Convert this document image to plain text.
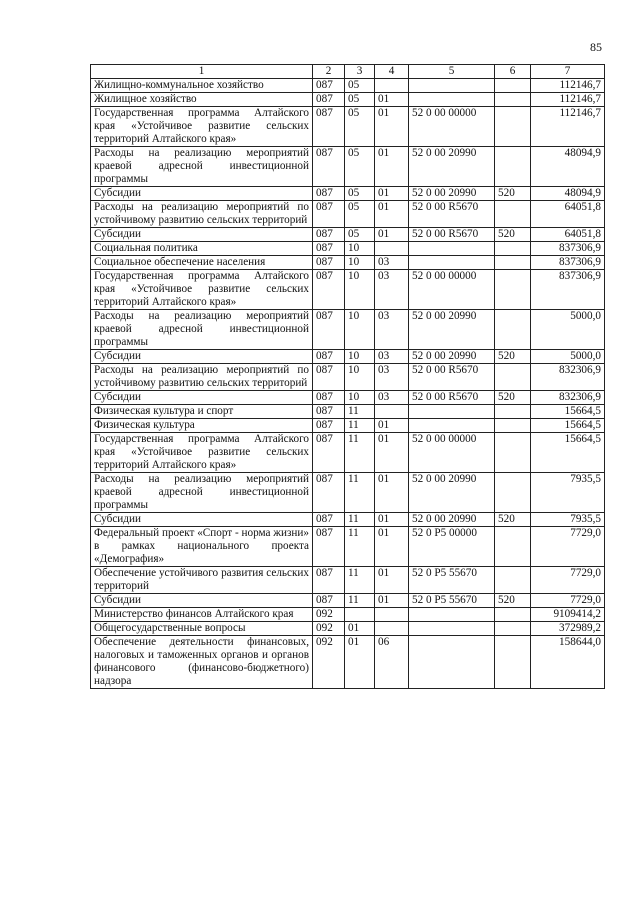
85
1	2	3	4	5	6	7
Жилищно-коммунальное хозяйство	087	05				112146,7
Жилищное хозяйство	087	05	01			112146,7
Государственная программа Алтайского края «Устойчивое развитие сельских территорий Алтайского края»	087	05	01	52 0 00 00000		112146,7
Расходы на реализацию мероприятий краевой адресной инвестиционной программы	087	05	01	52 0 00 20990		48094,9
Субсидии	087	05	01	52 0 00 20990	520	48094,9
Расходы на реализацию мероприятий по устойчивому развитию сельских территорий	087	05	01	52 0 00 R5670		64051,8
Субсидии	087	05	01	52 0 00 R5670	520	64051,8
Социальная политика	087	10				837306,9
Социальное обеспечение населения	087	10	03			837306,9
Государственная программа Алтайского края «Устойчивое развитие сельских территорий Алтайского края»	087	10	03	52 0 00 00000		837306,9
Расходы на реализацию мероприятий краевой адресной инвестиционной программы	087	10	03	52 0 00 20990		5000,0
Субсидии	087	10	03	52 0 00 20990	520	5000,0
Расходы на реализацию мероприятий по устойчивому развитию сельских территорий	087	10	03	52 0 00 R5670		832306,9
Субсидии	087	10	03	52 0 00 R5670	520	832306,9
Физическая культура и спорт	087	11				15664,5
Физическая культура	087	11	01			15664,5
Государственная программа Алтайского края «Устойчивое развитие сельских территорий Алтайского края»	087	11	01	52 0 00 00000		15664,5
Расходы на реализацию мероприятий краевой адресной инвестиционной программы	087	11	01	52 0 00 20990		7935,5
Субсидии	087	11	01	52 0 00 20990	520	7935,5
Федеральный проект «Спорт - норма жизни» в рамках национального проекта «Демография»	087	11	01	52 0 P5 00000		7729,0
Обеспечение устойчивого развития сельских территорий	087	11	01	52 0 P5 55670		7729,0
Субсидии	087	11	01	52 0 P5 55670	520	7729,0
Министерство финансов Алтайского края	092					9109414,2
Общегосударственные вопросы	092	01				372989,2
Обеспечение деятельности финансовых, налоговых и таможенных органов и органов финансового (финансово-бюджетного) надзора	092	01	06			158644,0
